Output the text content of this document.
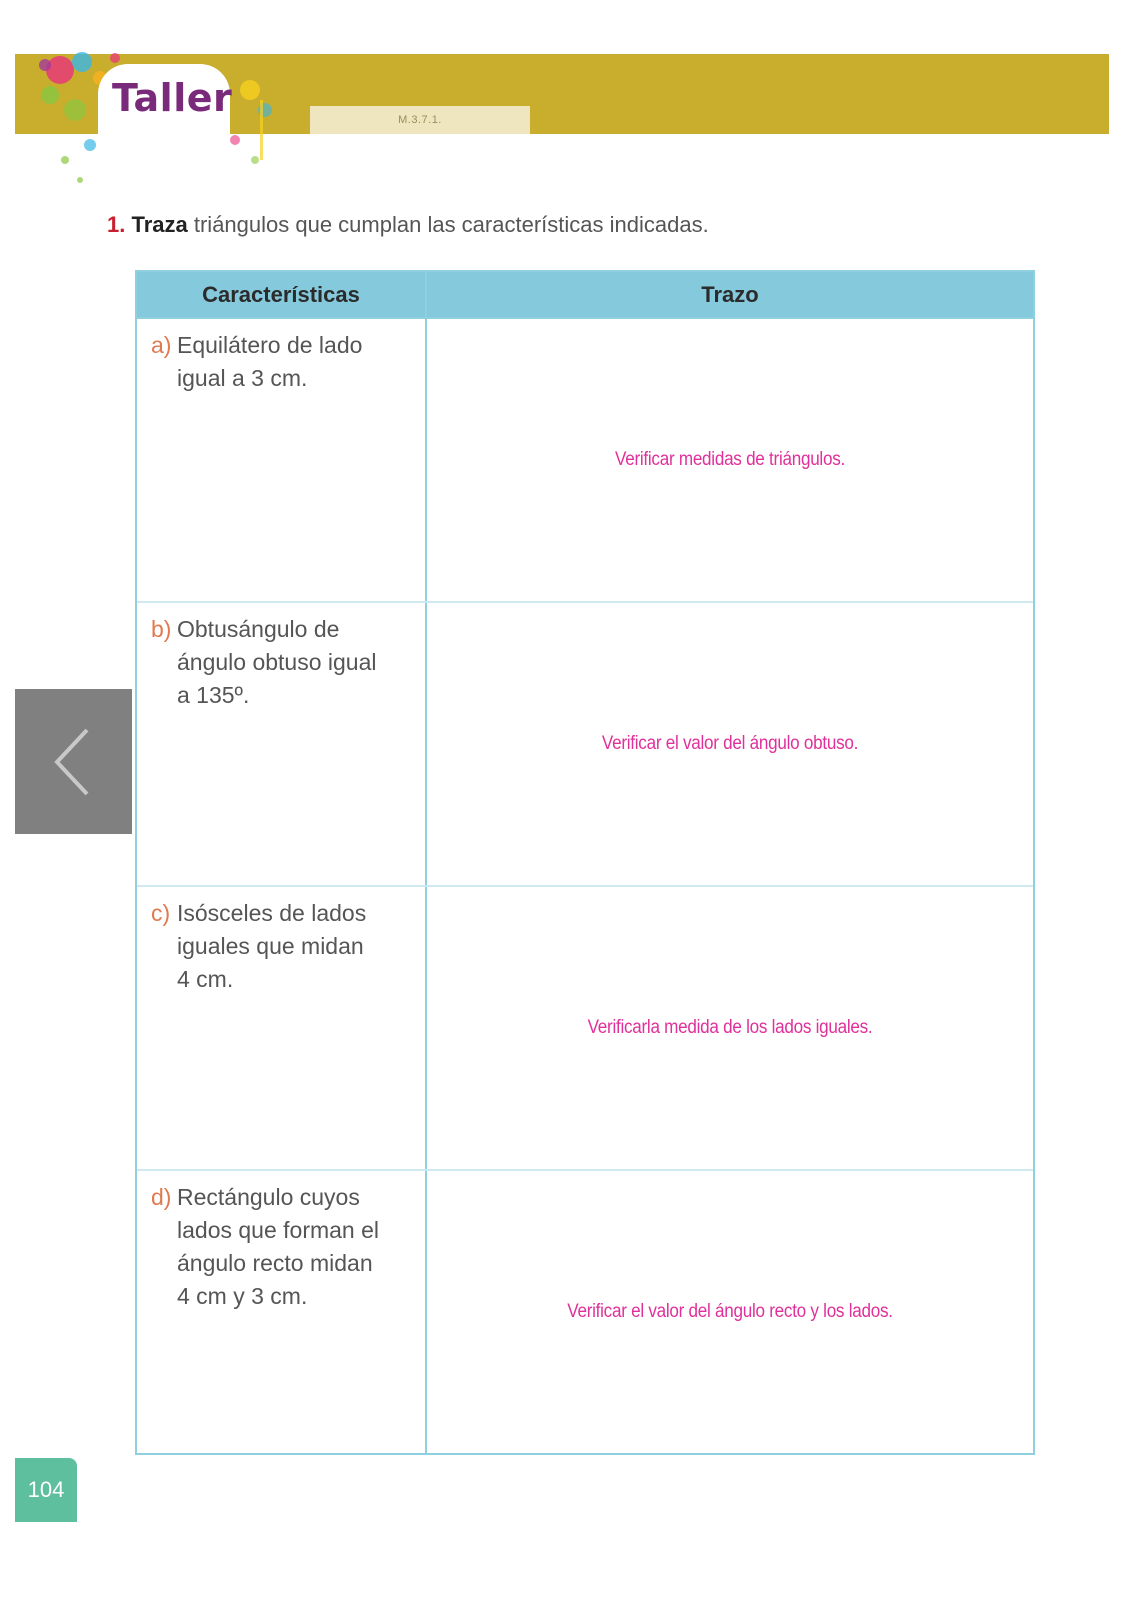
Taller	M.3.7.1.
1. Traza triángulos que cumplan las características indicadas.
Características	Trazo
a) Equilátero de lado
igual a 3 cm.
Verificar medidas de triángulos.
b) Obtusángulo de
ángulo obtuso igual
a 135º.
Verificar el valor del ángulo obtuso.
c) Isósceles de lados
iguales que midan
4 cm.
Verificarla medida de los lados iguales.
d) Rectángulo cuyos
lados que forman el
ángulo recto midan
4 cm y 3 cm.
Verificar el valor del ángulo recto y los lados.
104
